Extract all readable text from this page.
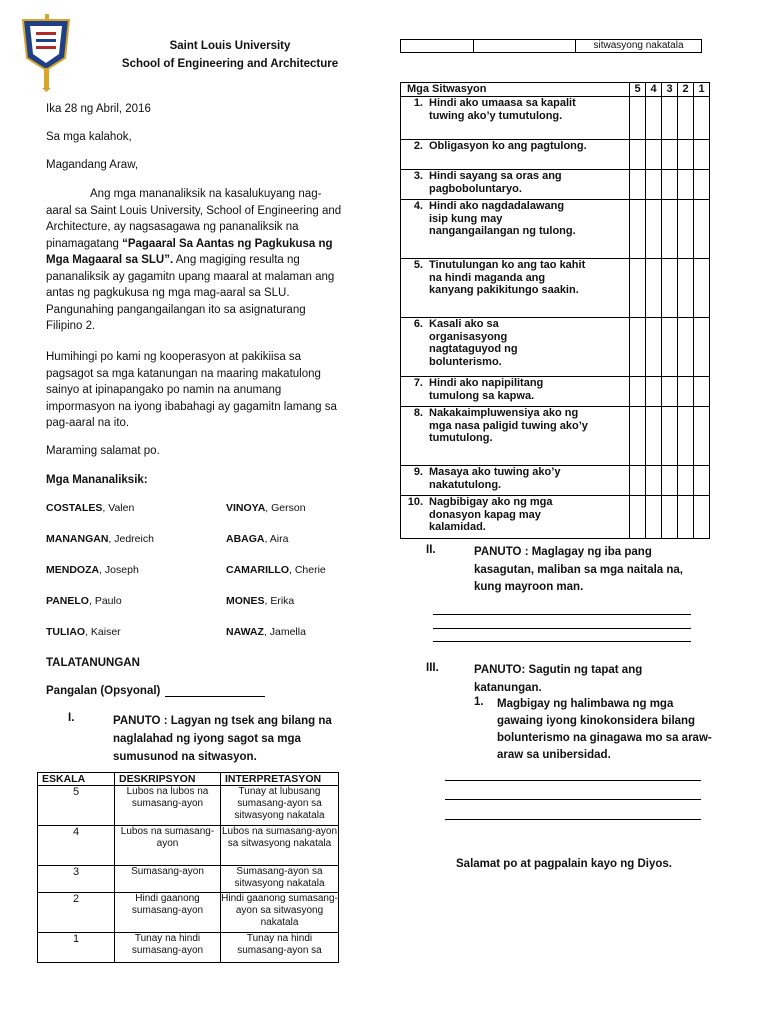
Saint Louis University
School of Engineering and Architecture
Ika 28 ng Abril, 2016
Sa mga kalahok,
Magandang Araw,

Ang mga mananaliksik na kasalukuyang nag-aaral sa Saint Louis University, School of Engineering and Architecture, ay nagsasagawa ng pananaliksik na pinamagatang “Pagaaral Sa Aantas ng Pagkukusa ng Mga Magaaral sa SLU”. Ang magiging resulta ng pananaliksik ay gagamitn upang maaral at malaman ang antas ng pagkukusa ng mga mag-aaral sa SLU. Pangunahing pangangailangan ito sa asignaturang Filipino 2.

Humihingi po kami ng kooperasyon at pakikiisa sa pagsagot sa mga katanungan na maaring makatulong sainyo at ipinapangako po namin na anumang impormasyon na iyong ibabahagi ay gagamitn lamang sa pag-aaral na ito.

Maraming salamat po.
Mga Mananaliksik:
COSTALES, Valen	VINOYA, Gerson
MANANGAN, Jedreich	ABAGA, Aira
MENDOZA, Joseph	CAMARILLO, Cherie
PANELO, Paulo	MONES, Erika
TULIAO, Kaiser	NAWAZ, Jamella
TALATANUNGAN
Pangalan (Opsyonal)
I.	PANUTO : Lagyan ng tsek ang bilang na naglalahad ng iyong sagot sa mga sumusunod na sitwasyon.
ESKALA	DESKRIPSYON	INTERPRETASYON
5	Lubos na lubos na sumasang-ayon	Tunay at lubusang sumasang-ayon sa sitwasyong nakatala
4	Lubos na sumasang-ayon	Lubos na sumasang-ayon sa sitwasyong nakatala
3	Sumasang-ayon	Sumasang-ayon sa sitwasyong nakatala
2	Hindi gaanong sumasang-ayon	Hindi gaanong sumasang-ayon sa sitwasyong nakatala
1	Tunay na hindi sumasang-ayon	Tunay na hindi sumasang-ayon sa
		sitwasyong nakatala
Mga Sitwasyon	5	4	3	2	1

1. Hindi ako umaasa sa kapalit tuwing ako’y tumutulong.					

2. Obligasyon ko ang pagtulong.					

3. Hindi sayang sa oras ang pagboboluntaryo.					

4. Hindi ako nagdadalawang isip kung may nangangailangan ng tulong.					

5. Tinutulungan ko ang tao kahit na hindi maganda ang kanyang pakikitungo saakin.					

6. Kasali ako sa organisasyong nagtataguyod ng bolunterismo.					

7. Hindi ako napipilitang tumulong sa kapwa.					

8. Nakakaimpluwensiya ako ng mga nasa paligid tuwing ako’y tumutulong.					

9. Masaya ako tuwing ako’y nakatutulong.					

10. Nagbibigay ako ng mga donasyon kapag may kalamidad.					

II.	PANUTO : Maglagay ng iba pang kasagutan, maliban sa mga naitala na, kung mayroon man.
III.	PANUTO: Sagutin ng tapat ang katanungan.
1. Magbigay ng halimbawa ng mga gawaing iyong kinokonsidera bilang bolunterismo na ginagawa mo sa araw-araw sa unibersidad.
Salamat po at pagpalain kayo ng Diyos.
